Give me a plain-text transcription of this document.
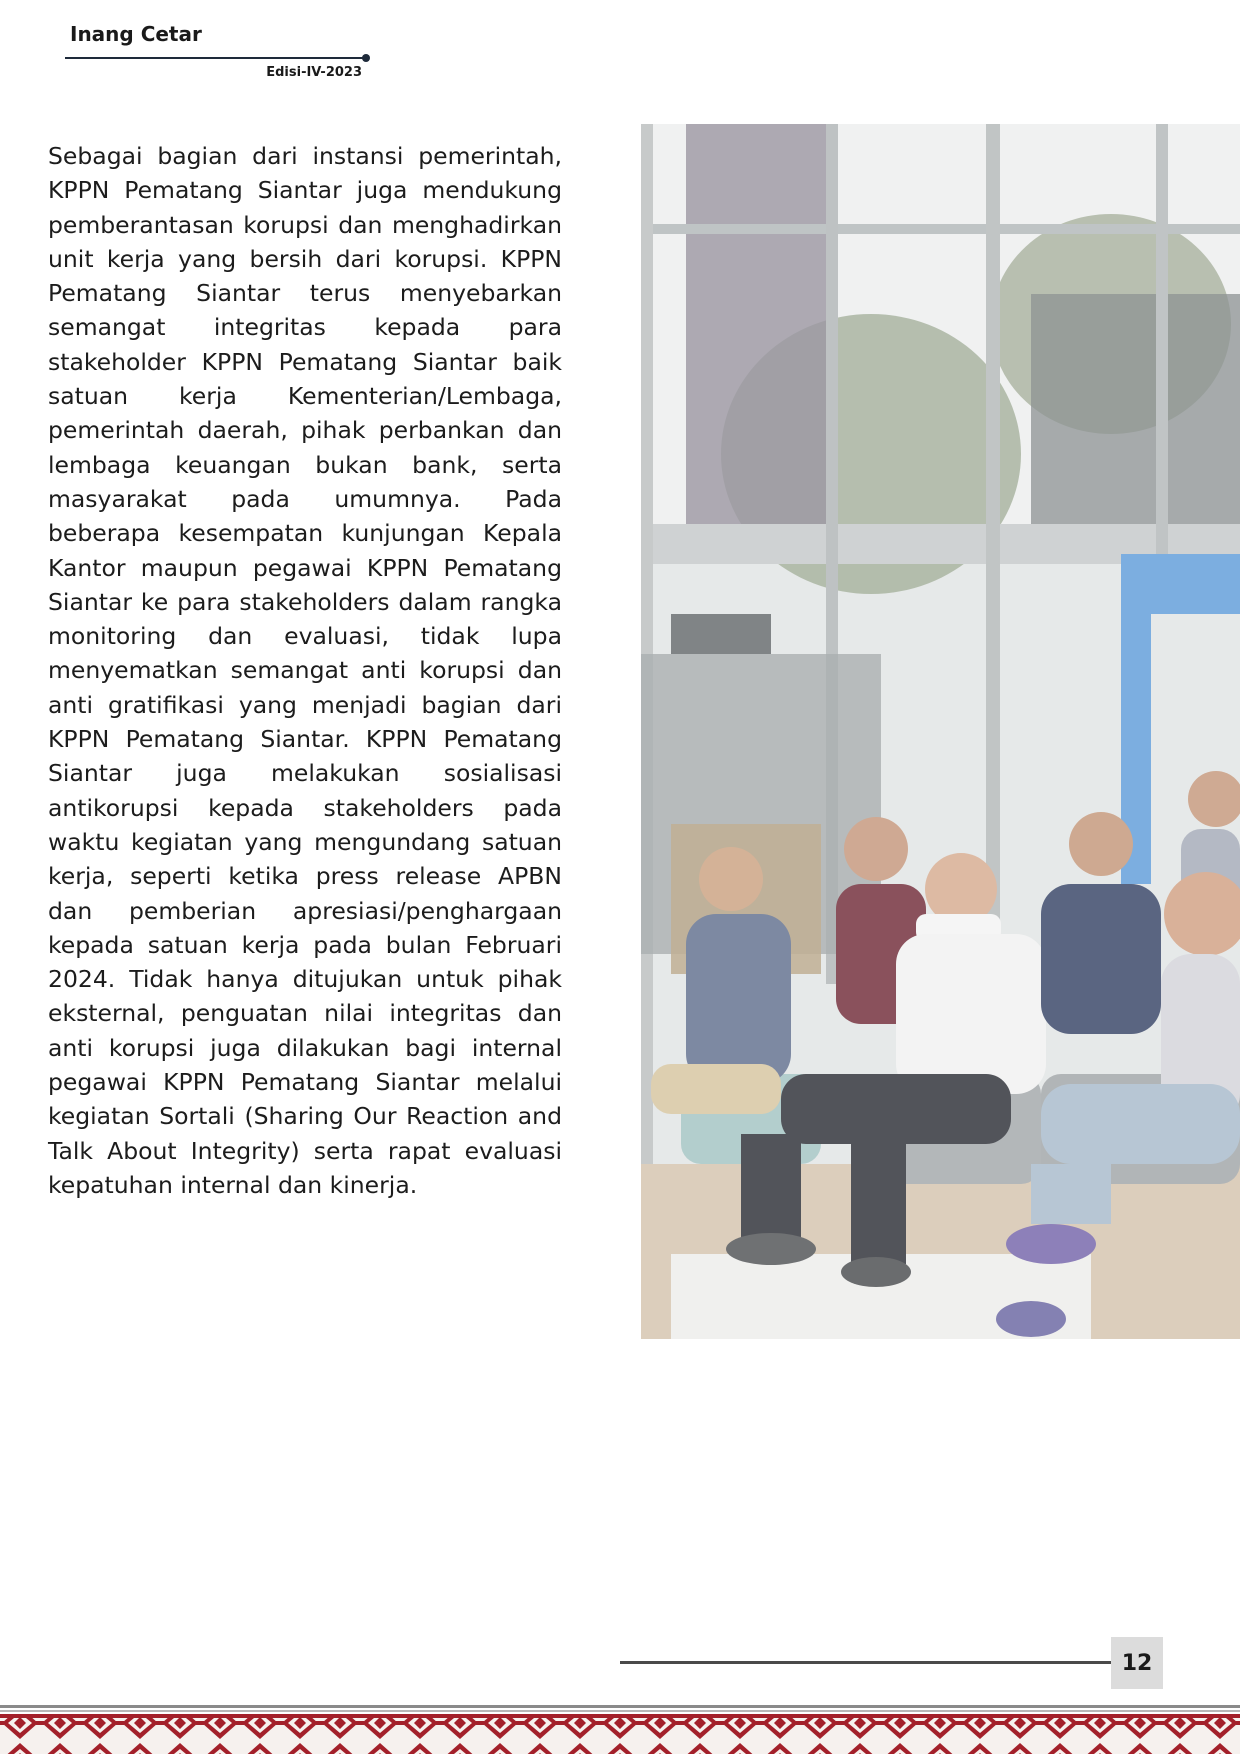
Inang Cetar
Edisi-IV-2023

Sebagai bagian dari instansi pemerintah, KPPN Pematang Siantar juga mendukung pemberantasan korupsi dan menghadirkan unit kerja yang bersih dari korupsi. KPPN Pematang Siantar terus menyebarkan semangat integritas kepada para stakeholder KPPN Pematang Siantar baik satuan kerja Kementerian/Lembaga, pemerintah daerah, pihak perbankan dan lembaga keuangan bukan bank, serta masyarakat pada umumnya. Pada beberapa kesempatan kunjungan Kepala Kantor maupun pegawai KPPN Pematang Siantar ke para stakeholders dalam rangka monitoring dan evaluasi, tidak lupa menyematkan semangat anti korupsi dan anti gratifikasi yang menjadi bagian dari KPPN Pematang Siantar. KPPN Pematang Siantar juga melakukan sosialisasi antikorupsi kepada stakeholders pada waktu kegiatan yang mengundang satuan kerja, seperti ketika press release APBN dan pemberian apresiasi/penghargaan kepada satuan kerja pada bulan Februari 2024. Tidak hanya ditujukan untuk pihak eksternal, penguatan nilai integritas dan anti korupsi juga dilakukan bagi internal pegawai KPPN Pematang Siantar melalui kegiatan Sortali (Sharing Our Reaction and Talk About Integrity) serta rapat evaluasi kepatuhan internal dan kinerja.

12
